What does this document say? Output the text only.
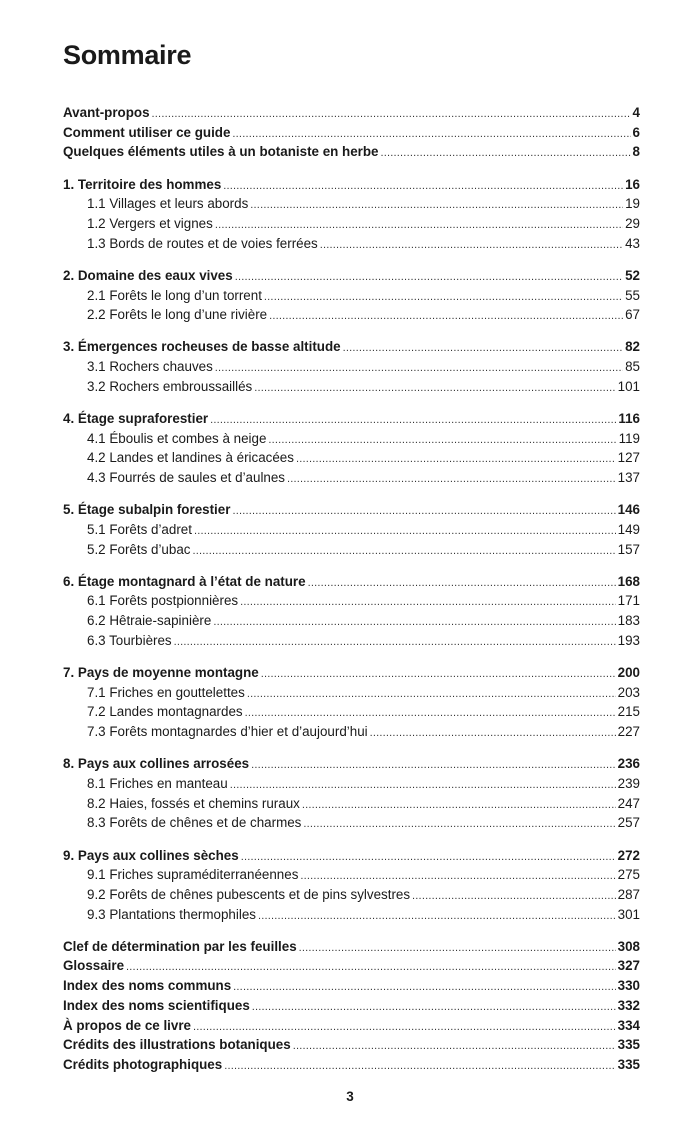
Sommaire
Avant-propos .....	4
Comment utiliser ce guide .....	6
Quelques éléments utiles à un botaniste en herbe .....	8
1. Territoire des hommes .....	16
1.1 Villages et leurs abords .....	19
1.2 Vergers et vignes .....	29
1.3 Bords de routes et de voies ferrées .....	43
2. Domaine des eaux vives .....	52
2.1 Forêts le long d’un torrent .....	55
2.2 Forêts le long d’une rivière .....	67
3. Émergences rocheuses de basse altitude .....	82
3.1 Rochers chauves .....	85
3.2 Rochers embroussaillés .....	101
4. Étage supraforestier .....	116
4.1 Éboulis et combes à neige .....	119
4.2 Landes et landines à éricacées .....	127
4.3 Fourrés de saules et d’aulnes .....	137
5. Étage subalpin forestier .....	146
5.1 Forêts d’adret .....	149
5.2 Forêts d’ubac .....	157
6. Étage montagnard à l’état de nature .....	168
6.1 Forêts postpionnières .....	171
6.2 Hêtraie-sapinière .....	183
6.3 Tourbières .....	193
7. Pays de moyenne montagne .....	200
7.1 Friches en gouttelettes .....	203
7.2 Landes montagnardes .....	215
7.3 Forêts montagnardes d’hier et d’aujourd’hui .....	227
8. Pays aux collines arrosées .....	236
8.1 Friches en manteau .....	239
8.2 Haies, fossés et chemins ruraux .....	247
8.3 Forêts de chênes et de charmes .....	257
9. Pays aux collines sèches .....	272
9.1 Friches supraméditerranéennes .....	275
9.2 Forêts de chênes pubescents et de pins sylvestres .....	287
9.3 Plantations thermophiles .....	301
Clef de détermination par les feuilles .....	308
Glossaire .....	327
Index des noms communs .....	330
Index des noms scientifiques .....	332
À propos de ce livre .....	334
Crédits des illustrations botaniques .....	335
Crédits photographiques .....	335
3
